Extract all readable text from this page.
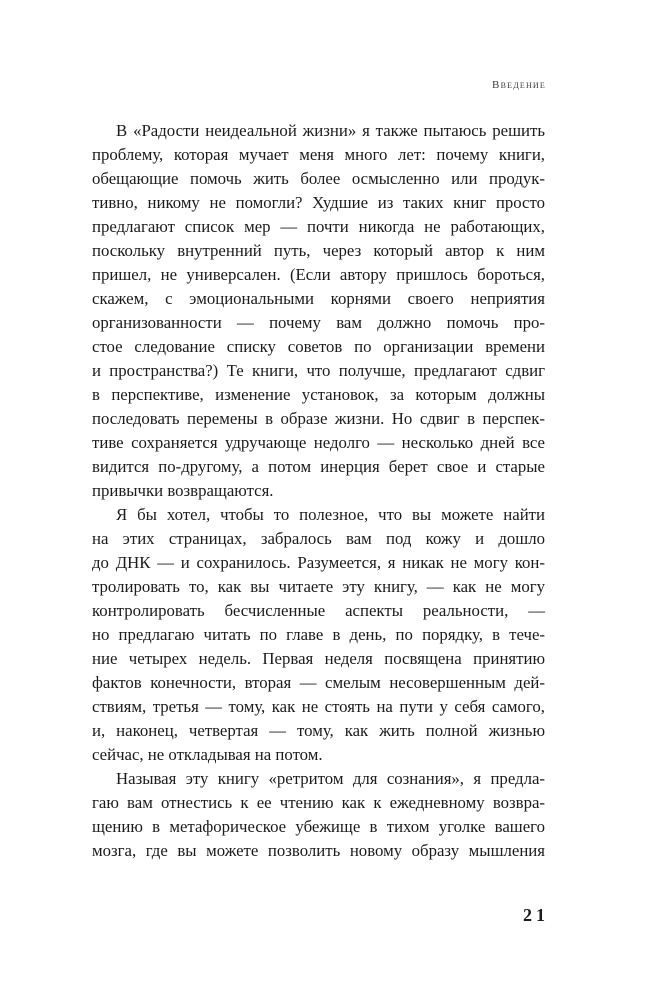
Введение
В «Радости неидеальной жизни» я также пытаюсь решить
проблему, которая мучает меня много лет: почему книги,
обещающие помочь жить более осмысленно или продук-
тивно, никому не помогли? Худшие из таких книг просто
предлагают список мер — почти никогда не работающих,
поскольку внутренний путь, через который автор к ним
пришел, не универсален. (Если автору пришлось бороться,
скажем, с эмоциональными корнями своего неприятия
организованности — почему вам должно помочь про-
стое следование списку советов по организации времени
и пространства?) Те книги, что получше, предлагают сдвиг
в перспективе, изменение установок, за которым должны
последовать перемены в образе жизни. Но сдвиг в перспек-
тиве сохраняется удручающе недолго — несколько дней все
видится по-другому, а потом инерция берет свое и старые
привычки возвращаются.
Я бы хотел, чтобы то полезное, что вы можете найти
на этих страницах, забралось вам под кожу и дошло
до ДНК — и сохранилось. Разумеется, я никак не могу кон-
тролировать то, как вы читаете эту книгу, — как не могу
контролировать бесчисленные аспекты реальности, —
но предлагаю читать по главе в день, по порядку, в тече-
ние четырех недель. Первая неделя посвящена принятию
фактов конечности, вторая — смелым несовершенным дей-
ствиям, третья — тому, как не стоять на пути у себя самого,
и, наконец, четвертая — тому, как жить полной жизнью
сейчас, не откладывая на потом.
Называя эту книгу «ретритом для сознания», я предла-
гаю вам отнестись к ее чтению как к ежедневному возвра-
щению в метафорическое убежище в тихом уголке вашего
мозга, где вы можете позволить новому образу мышления
21
